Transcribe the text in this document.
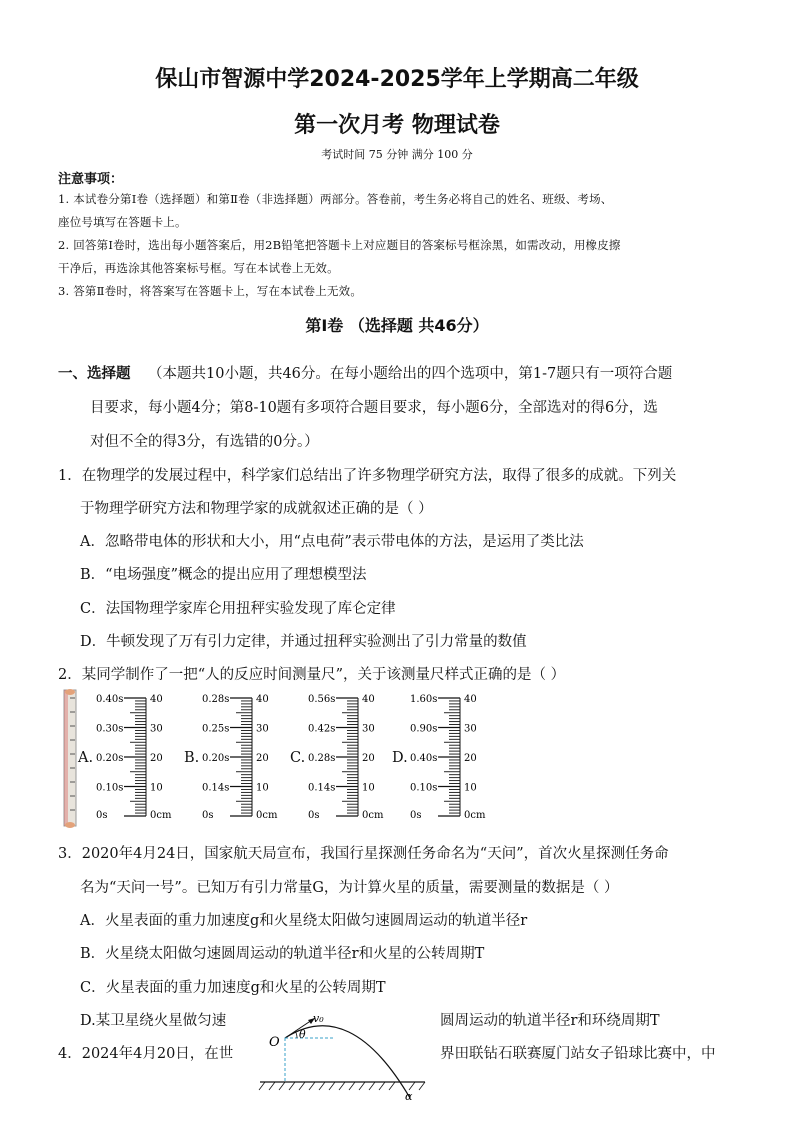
保山市智源中学2024-2025学年上学期高二年级
第一次月考 物理试卷
考试时间 75 分钟 满分 100 分
注意事项：
1. 本试卷分第Ⅰ卷（选择题）和第Ⅱ卷（非选择题）两部分。答卷前，考生务必将自己的姓名、班级、考场、
座位号填写在答题卡上。
2. 回答第Ⅰ卷时，选出每小题答案后，用2B铅笔把答题卡上对应题目的答案标号框涂黑，如需改动，用橡皮擦
干净后，再选涂其他答案标号框。写在本试卷上无效。
3. 答第Ⅱ卷时，将答案写在答题卡上，写在本试卷上无效。
第Ⅰ卷 （选择题 共46分）
一、选择题 （本题共10小题，共46分。在每小题给出的四个选项中，第1-7题只有一项符合题
目要求，每小题4分；第8-10题有多项符合题目要求，每小题6分，全部选对的得6分，选
对但不全的得3分，有选错的0分。）
1．在物理学的发展过程中，科学家们总结出了许多物理学研究方法，取得了很多的成就。下列关
于物理学研究方法和物理学家的成就叙述正确的是（ ）
A．忽略带电体的形状和大小，用“点电荷”表示带电体的方法，是运用了类比法
B．“电场强度”概念的提出应用了理想模型法
C．法国物理学家库仑用扭秤实验发现了库仑定律
D．牛顿发现了万有引力定律，并通过扭秤实验测出了引力常量的数值
2．某同学制作了一把“人的反应时间测量尺”，关于该测量尺样式正确的是（ ）
A.
0.40s	40
0.30s	30
0.20s	20
0.10s	10
0s	0cm
B.
0.28s	40
0.25s	30
0.20s	20
0.14s	10
0s	0cm
C.
0.56s	40
0.42s	30
0.28s	20
0.14s	10
0s	0cm
D.
1.60s	40
0.90s	30
0.40s	20
0.10s	10
0s	0cm
3．2020年4月24日，国家航天局宣布，我国行星探测任务命名为“天问”，首次火星探测任务命
名为“天问一号”。已知万有引力常量G，为计算火星的质量，需要测量的数据是（ ）
A．火星表面的重力加速度g和火星绕太阳做匀速圆周运动的轨道半径r
B．火星绕太阳做匀速圆周运动的轨道半径r和火星的公转周期T
C．火星表面的重力加速度g和火星的公转周期T
D.某卫星绕火星做匀速	圆周运动的轨道半径r和环绕周期T
4．2024年4月20日，在世	界田联钻石联赛厦门站女子铅球比赛中，中
O
v₀
θ
α
